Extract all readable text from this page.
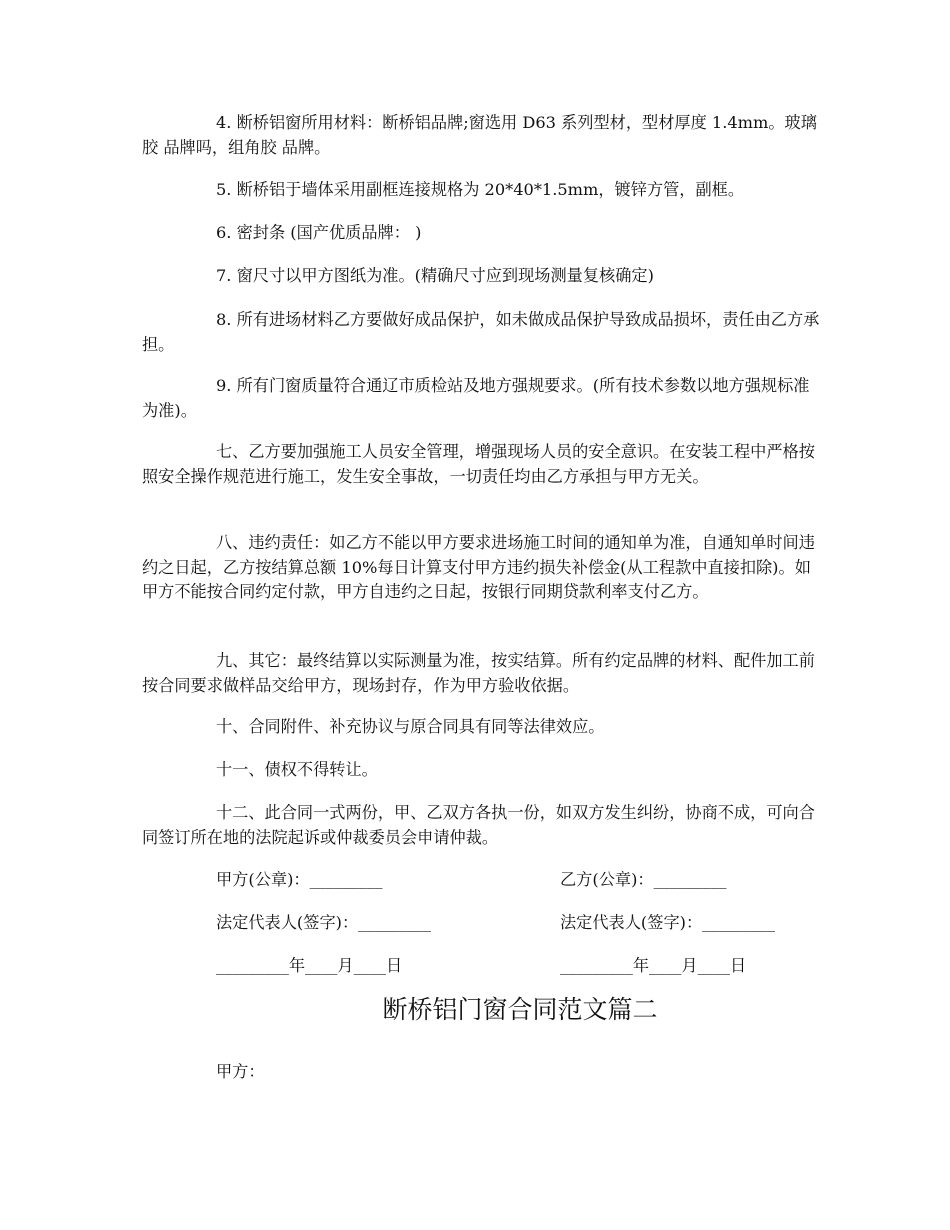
4. 断桥铝窗所用材料：断桥铝品牌;窗选用 D63 系列型材，型材厚度 1.4mm。玻璃胶 品牌吗，组角胶 品牌。

5. 断桥铝于墙体采用副框连接规格为 20*40*1.5mm，镀锌方管，副框。

6. 密封条 (国产优质品牌： )

7. 窗尺寸以甲方图纸为准。(精确尺寸应到现场测量复核确定)

8. 所有进场材料乙方要做好成品保护，如未做成品保护导致成品损坏，责任由乙方承担。

9. 所有门窗质量符合通辽市质检站及地方强规要求。(所有技术参数以地方强规标准为准)。

七、乙方要加强施工人员安全管理，增强现场人员的安全意识。在安装工程中严格按照安全操作规范进行施工，发生安全事故，一切责任均由乙方承担与甲方无关。

八、违约责任：如乙方不能以甲方要求进场施工时间的通知单为准，自通知单时间违约之日起，乙方按结算总额 10%每日计算支付甲方违约损失补偿金(从工程款中直接扣除)。如甲方不能按合同约定付款，甲方自违约之日起，按银行同期贷款利率支付乙方。

九、其它：最终结算以实际测量为准，按实结算。所有约定品牌的材料、配件加工前按合同要求做样品交给甲方，现场封存，作为甲方验收依据。

十、合同附件、补充协议与原合同具有同等法律效应。

十一、债权不得转让。

十二、此合同一式两份，甲、乙双方各执一份，如双方发生纠纷，协商不成，可向合同签订所在地的法院起诉或仲裁委员会申请仲裁。

甲方(公章)：_________	乙方(公章)：_________

法定代表人(签字)：_________	法定代表人(签字)：_________

_________年____月____日	_________年____月____日

断桥铝门窗合同范文篇二

甲方：
